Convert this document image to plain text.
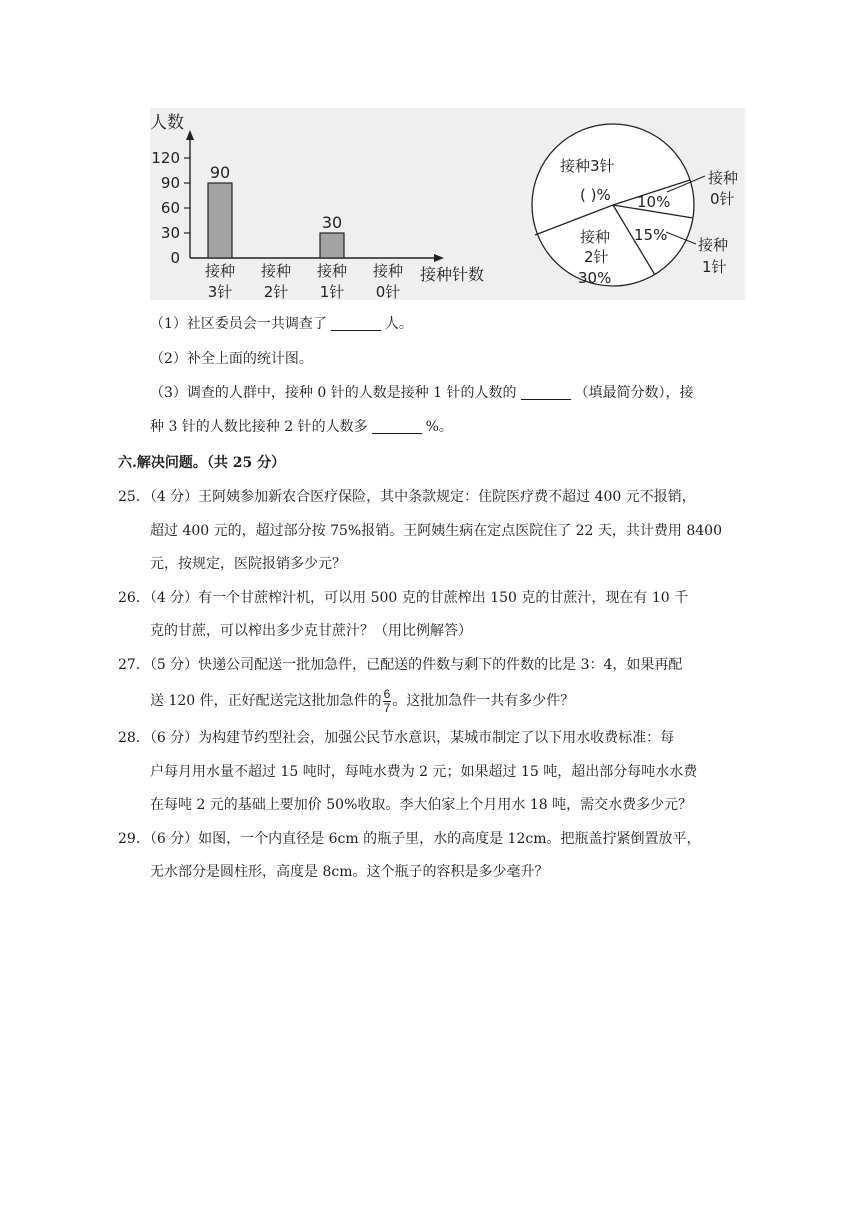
人数
接种针数
0
30
60
90
120
90
30
接种
3针
接种
2针
接种
1针
接种
0针
接种3针
( )% 10%
接种
0针
15%
接种
1针
接种
2针
30%
（1）社区委员会一共调查了	人。
（2）补全上面的统计图。
（3）调查的人群中，接种 0 针的人数是接种 1 针的人数的	（填最简分数），接
种 3 针的人数比接种 2 针的人数多	%。
六.解决问题。（共 25 分）
25．（4 分）王阿姨参加新农合医疗保险，其中条款规定：住院医疗费不超过 400 元不报销，
超过 400 元的，超过部分按 75%报销。王阿姨生病在定点医院住了 22 天，共计费用 8400
元，按规定，医院报销多少元？
26．（4 分）有一个甘蔗榨汁机，可以用 500 克的甘蔗榨出 150 克的甘蔗汁，现在有 10 千
克的甘蔗，可以榨出多少克甘蔗汁？（用比例解答）
27．（5 分）快递公司配送一批加急件，已配送的件数与剩下的件数的比是 3：4，如果再配
送 120 件，正好配送完这批加急件的 $\frac{6}{7}$ 。这批加急件一共有多少件？
28．（6 分）为构建节约型社会，加强公民节水意识，某城市制定了以下用水收费标准：每
户每月用水量不超过 15 吨时，每吨水费为 2 元；如果超过 15 吨，超出部分每吨水水费
在每吨 2 元的基础上要加价 50%收取。李大伯家上个月用水 18 吨，需交水费多少元？
29．（6 分）如图，一个内直径是 6cm 的瓶子里，水的高度是 12cm。把瓶盖拧紧倒置放平，
无水部分是圆柱形，高度是 8cm。这个瓶子的容积是多少毫升？
